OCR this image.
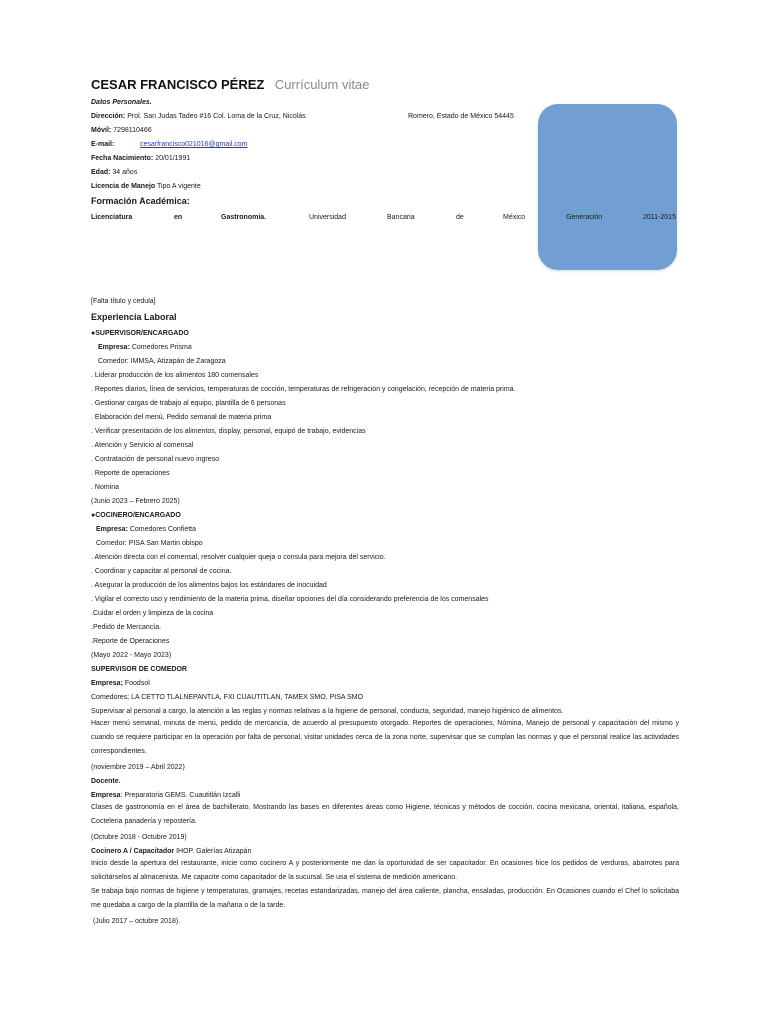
CESAR FRANCISCO PÉREZ Currículum vitae
Datos Personales.
Dirección: Prol. San Judas Tadeo #16 Col. Loma de la Cruz, Nicolás	Romero, Estado de México 54445
Móvil: 7298110466
E-mail:	cesarfrancisco021016@gmail.com
Fecha Nacimiento: 20/01/1991
Edad: 34 años
Licencia de Manejo Tipo A vigente
Formación Académica:
Licenciatura	en	Gastronomía.	Universidad	Bancaria	de	México	Generación	2011-2015
[Falta título y cedula]
Experiencia Laboral
●SUPERVISOR/ENCARGADO
Empresa: Comedores Prisma
Comedor: IMMSA, Atizapán de Zaragoza
. Liderar producción de los alimentos 180 comensales
. Reportes diarios, línea de servicios, temperaturas de cocción, temperaturas de refrigeración y congelación, recepción de materia prima.
. Gestionar cargas de trabajo al equipo, plantilla de 6 personas
. Elaboración del menú, Pedido semanal de materia prima
. Verificar presentación de los alimentos, display, personal, equipó de trabajo, evidencias
. Atención y Servicio al comensal
. Contratación de personal nuevo ingreso
. Reporte de operaciones
. Nomina
(Junio 2023 – Febrero 2025)
●COCINERO/ENCARGADO
Empresa: Comedores Confietta
Comedor: PISA San Martin obispo
. Atención directa con el comensal, resolver cualquier queja o consula para mejora del servicio.
. Coordinar y capacitar al personal de cocina.
. Asegurar la producción de los alimentos bajos los estándares de inocuidad
. Vigilar el correcto uso y rendimiento de la materia prima, diseñar opciones del día considerando preferencia de los comensales
.Cuidar el orden y limpieza de la cocina
.Pedido de Mercancía.
.Reporte de Operaciones
(Mayo 2022 - Mayo 2023)
SUPERVISOR DE COMEDOR
Empresa; Foodsol
Comedores; LA CETTO TLALNEPANTLA, FXI CUAUTITLAN, TAMEX SMO, PISA SMO
Supervisar al personal a cargo, la atención a las reglas y normas relativas a la higiene de personal, conducta, seguridad, manejo higiénico de alimentos.
Hacer menú semanal, minuta de menú, pedido de mercancía, de acuerdo al presupuesto otorgado. Reportes de operaciones, Nómina, Manejo de personal y capacitación del mismo y cuando se requiere participar en la operación por falta de personal, visitar unidades cerca de la zona norte, supervisar que se cumplan las normas y que el personal realice las actividades correspondientes.
(noviembre 2019 – Abril 2022)
Docente.
Empresa: Preparatoria GEMS. Cuautitlán Izcalli
Clases de gastronomía en el área de bachillerato. Mostrando las bases en diferentes áreas como Higiene, técnicas y métodos de cocción, cocina mexicana, oriental, italiana, española, Cocteleria panadería y repostería.
(Octubre 2018 - Octubre 2019)
Cocinero A / Capacitador IHOP. Galerías Atizapán
Inicio desde la apertura del restaurante, inicie como cocinero A y posteriormente me dan la oportunidad de ser capacitador. En ocasiones hice los pedidos de verduras, abarrotes para solicitárselos al almacenista. Me capacite como capacitador de la sucursal. Se usa el sistema de medición americano.
Se trabaja bajo normas de higiene y temperaturas, gramajes, recetas estandarizadas, manejo del área caliente, plancha, ensaladas, producción. En Ocasiones cuando el Chef lo solicitaba me quedaba a cargo de la plantilla de la mañana o de la tarde.
(Julio 2017 – octubre 2018).
